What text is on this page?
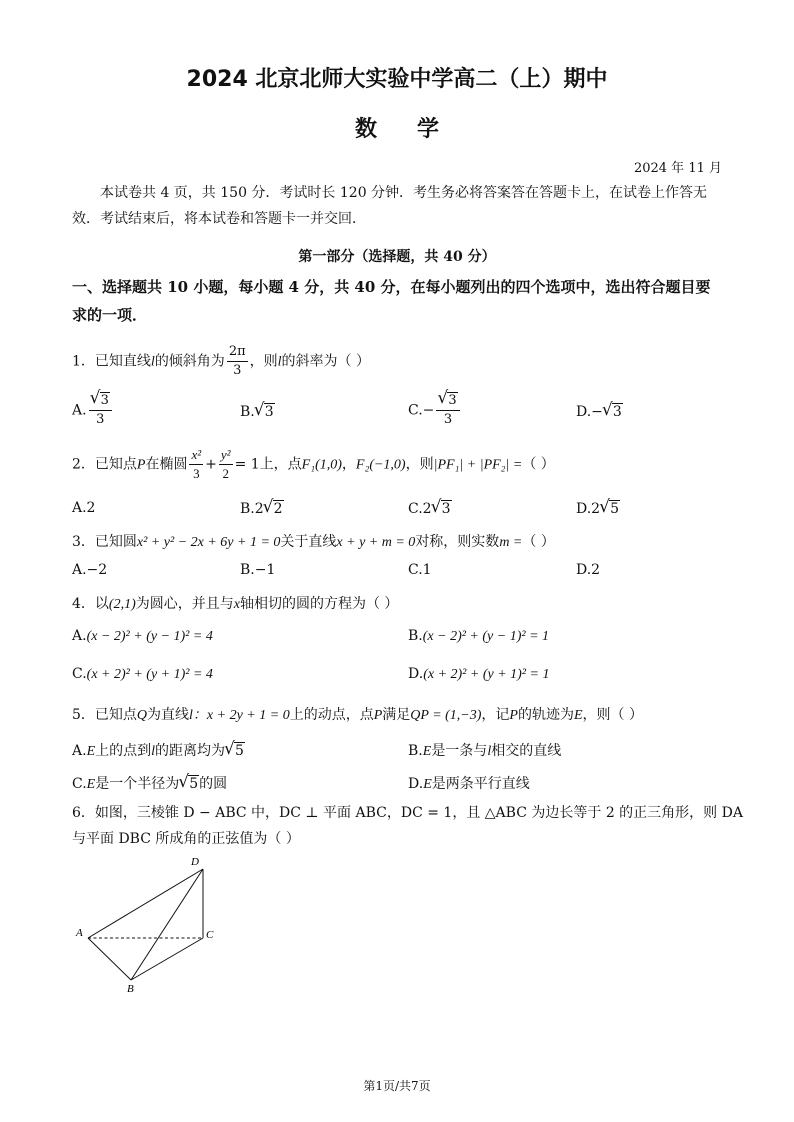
2024 北京北师大实验中学高二（上）期中
数学
2024 年 11 月
本试卷共 4 页，共 150 分．考试时长 120 分钟．考生务必将答案答在答题卡上，在试卷上作答无效．考试结束后，将本试卷和答题卡一并交回．
第一部分（选择题，共 40 分）
一、选择题共 10 小题，每小题 4 分，共 40 分，在每小题列出的四个选项中，选出符合题目要求的一项．
1．已知直线l的倾斜角为 $\frac{2\pi}{3}$ ，则l的斜率为（ ）
A. √ $\frac{3}{3}$	B. √ 3	C.− √ $\frac{3}{3}$	D.− √ 3
2．已知点P在椭圆 $\frac{\text{x²}}{3} + \frac{\text{y²}}{2} = 1$上，点F₁(1,0)，F₂(−1,0)，则|PF₁| + |PF₂| =（ ）
A.2	B.2 √ 2	C.2 √ 3	D.2 √ 5
3．已知圆x² + y² − 2x + 6y + 1 = 0关于直线x + y + m = 0对称，则实数m =（ ）
A.−2	B.−1	C.1	D.2
4．以(2,1)为圆心，并且与x轴相切的圆的方程为（ ）
A.(x − 2)² + (y − 1)² = 4	B.(x − 2)² + (y − 1)² = 1
C.(x + 2)² + (y + 1)² = 4	D.(x + 2)² + (y + 1)² = 1
5．已知点Q为直线l：x + 2y + 1 = 0上的动点，点P满足QP = (1,−3)，记P的轨迹为E，则（ ）
A.E上的点到l的距离均为 √ 5	B.E是一条与l相交的直线
C.E是一个半径为 √ 5的圆	D.E是两条平行直线
6．如图，三棱锥 D − ABC 中，DC ⊥ 平面 ABC，DC = 1，且 △ABC 为边长等于 2 的正三角形，则 DA
与平面 DBC 所成角的正弦值为（ ）
D
A	C
B
第1页/共7页
